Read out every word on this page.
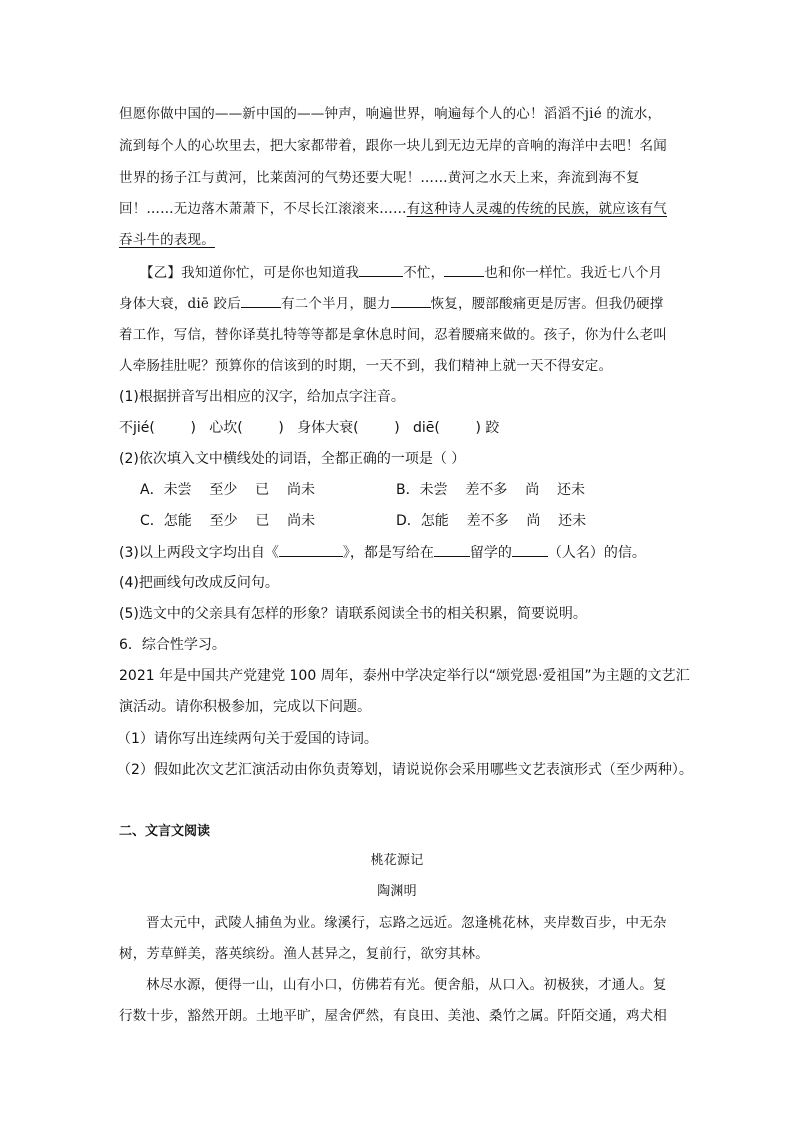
但愿你做中国的——新中国的——钟声，响遍世界，响遍每个人的心！滔滔不jié 的流水，
流到每个人的心坎里去，把大家都带着，跟你一块儿到无边无岸的音响的海洋中去吧！名闻
世界的扬子江与黄河，比莱茵河的气势还要大呢！……黄河之水天上来，奔流到海不复
回！……无边落木萧萧下，不尽长江滚滚来……有这种诗人灵魂的传统的民族，就应该有气
吞斗牛的表现。
【乙】我知道你忙，可是你也知道我	不忙，	也和你一样忙。我近七八个月
身体大衰，diē 跤后	有二个半月，腿力	恢复，腰部酸痛更是厉害。但我仍硬撑
着工作，写信，替你译莫扎特等等都是拿休息时间，忍着腰痛来做的。孩子，你为什么老叫
人牵肠挂肚呢？预算你的信该到的时期，一天不到，我们精神上就一天不得安定。
(1)根据拼音写出相应的汉字，给加点字注音。
不jié(        )   心坎(        )   身体大衰(        )   diē(        ) 跤
(2)依次填入文中横线处的词语，全都正确的一项是（ ）
A．未尝    至少    已    尚未	B．未尝    差不多    尚    还未
C．怎能    至少    已    尚未	D．怎能    差不多    尚    还未
(3)以上两段文字均出自《	》，都是写给在	留学的	（人名）的信。
(4)把画线句改成反问句。
(5)选文中的父亲具有怎样的形象？请联系阅读全书的相关积累，简要说明。
6．综合性学习。
2021 年是中国共产党建党 100 周年，泰州中学决定举行以“颂党恩·爱祖国”为主题的文艺汇
演活动。请你积极参加，完成以下问题。
（1）请你写出连续两句关于爱国的诗词。
（2）假如此次文艺汇演活动由你负责筹划，请说说你会采用哪些文艺表演形式（至少两种）。
二、文言文阅读
桃花源记
陶渊明
晋太元中，武陵人捕鱼为业。缘溪行，忘路之远近。忽逢桃花林，夹岸数百步，中无杂
树，芳草鲜美，落英缤纷。渔人甚异之，复前行，欲穷其林。
林尽水源，便得一山，山有小口，仿佛若有光。便舍船，从口入。初极狭，才通人。复
行数十步，豁然开朗。土地平旷，屋舍俨然，有良田、美池、桑竹之属。阡陌交通，鸡犬相
